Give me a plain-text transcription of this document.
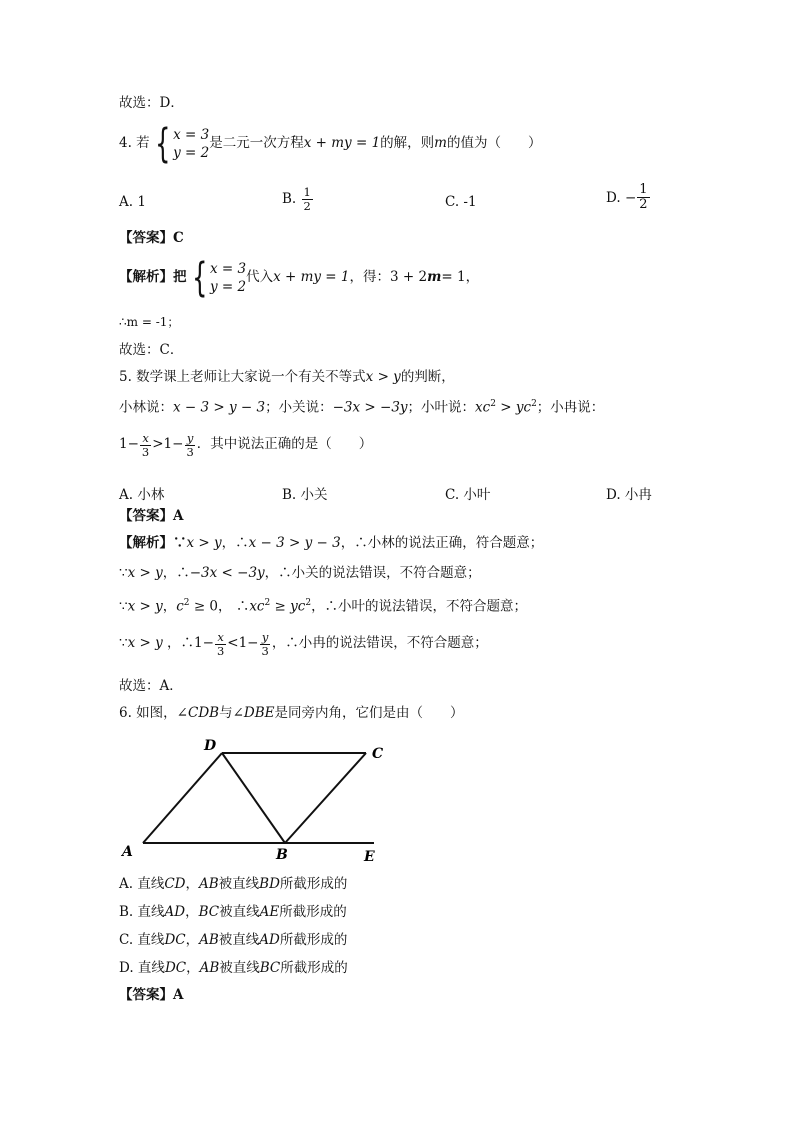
故选：D．
4. 若 { x = 3
y = 2
是二元一次方程 x + my = 1 的解，则 m 的值为（　　）
A. 1	B.
$\frac{1}{2}$	C. -1	D.
− $\frac{1}{2}$
【答案】C
【解析】把 { x = 3
y = 2
代入 x + my = 1 ，得： 3 + 2 m = 1，
∴m = -1；
故选：C．
5. 数学课上老师让大家说一个有关不等式x > y的判断，
小林说：x − 3 > y − 3；小关说：−3x > −3y；小叶说：$xc^2 > yc^2$；小冉说：
$1- \frac{x}{3} > 1- \frac{y}{3}$ ．其中说法正确的是（　　）
A. 小林	B. 小关	C. 小叶	D. 小冉
【答案】A
【解析】∵x > y，∴x − 3 > y − 3，∴小林的说法正确，符合题意；
∵x > y，∴−3x < −3y，∴小关的说法错误，不符合题意；
∵x > y，$c^2 \ge 0$， $\therefore xc^2 \ge yc^2$，∴小叶的说法错误，不符合题意；
∵ x > y
，∴ $1- \frac{x}{3} < 1- \frac{y}{3}$ ，∴小冉的说法错误，不符合题意；
故选：A．
6. 如图，∠CDB与∠DBE是同旁内角，它们是由（　　）
D	C
A	B	E
A. 直线CD，AB被直线BD所截形成的
B. 直线AD，BC被直线AE所截形成的
C. 直线DC，AB被直线AD所截形成的
D. 直线DC，AB被直线BC所截形成的
【答案】A
